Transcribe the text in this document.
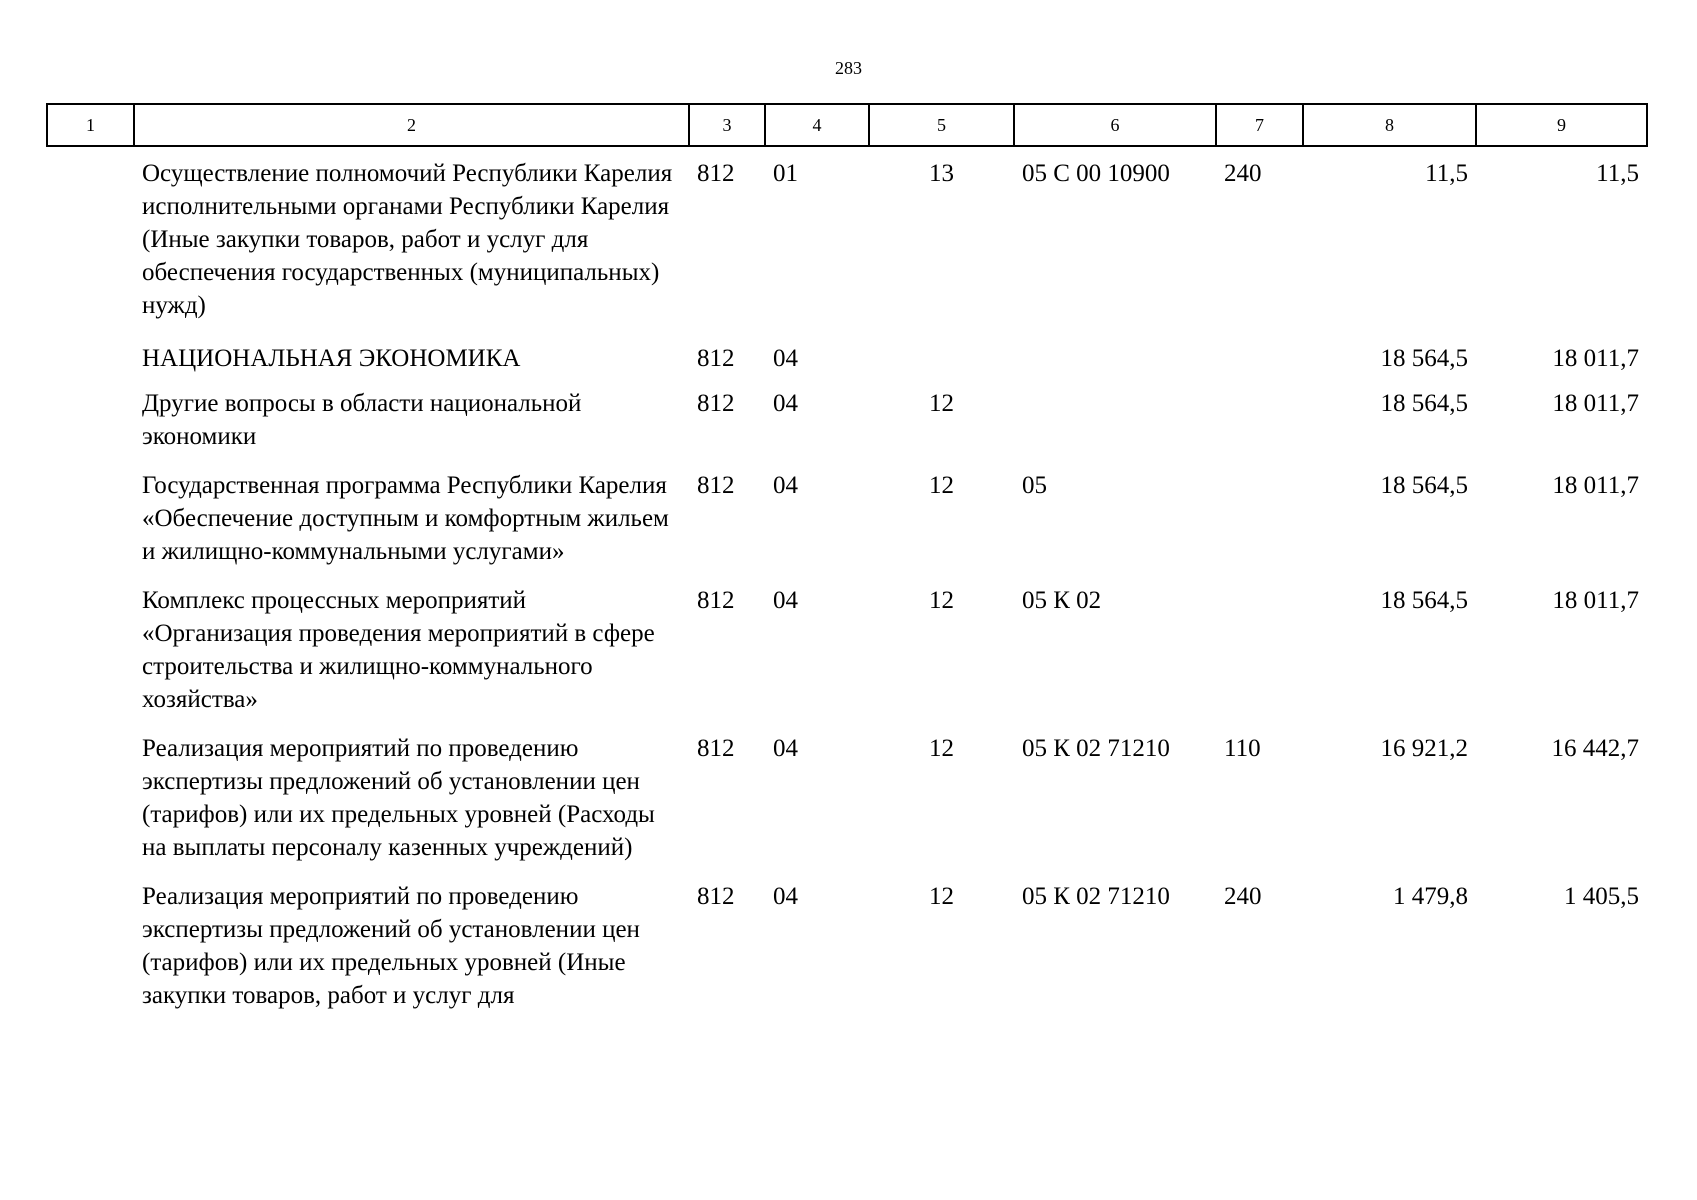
283
1	2	3	4	5	6	7	8	9
	Осуществление полномочий Республики Карелия исполнительными органами Республики Карелия (Иные закупки товаров, работ и услуг для обеспечения государственных (муниципальных) нужд)	812	01	13	05 С 00 10900	240	11,5	11,5
	НАЦИОНАЛЬНАЯ ЭКОНОМИКА	812	04				18 564,5	18 011,7
	Другие вопросы в области национальной экономики	812	04	12			18 564,5	18 011,7
	Государственная программа Республики Карелия «Обеспечение доступным и комфортным жильем и жилищно-коммунальными услугами»	812	04	12	05		18 564,5	18 011,7
	Комплекс процессных мероприятий «Организация проведения мероприятий в сфере строительства и жилищно-коммунального хозяйства»	812	04	12	05 К 02		18 564,5	18 011,7
	Реализация мероприятий по проведению экспертизы предложений об установлении цен (тарифов) или их предельных уровней (Расходы на выплаты персоналу казенных учреждений)	812	04	12	05 К 02 71210	110	16 921,2	16 442,7
	Реализация мероприятий по проведению экспертизы предложений об установлении цен (тарифов) или их предельных уровней (Иные закупки товаров, работ и услуг для	812	04	12	05 К 02 71210	240	1 479,8	1 405,5
